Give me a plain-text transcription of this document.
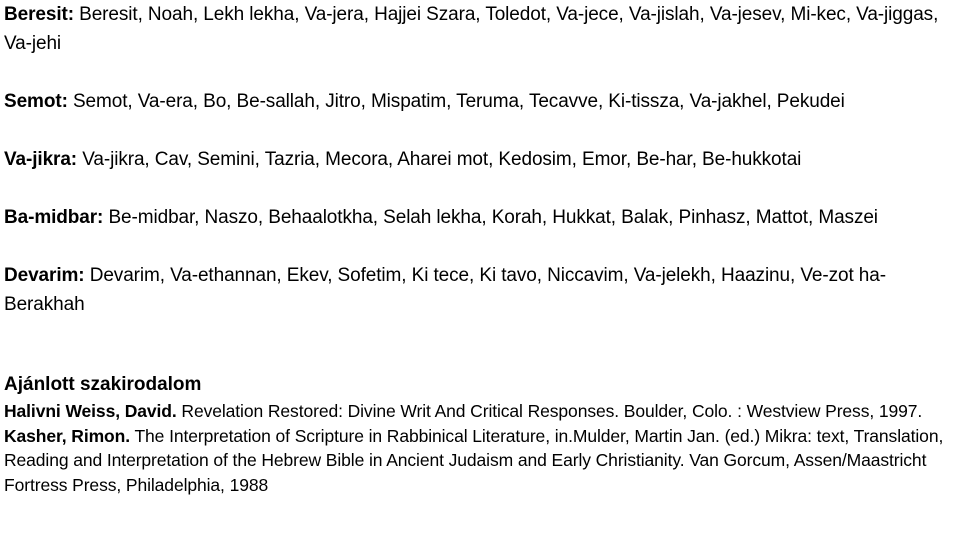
Beresit: Beresit, Noah, Lekh lekha, Va-jera, Hajjei Szara, Toledot, Va-jece, Va-jislah, Va-jesev, Mi-kec, Va-jiggas, Va-jehi

Semot: Semot, Va-era, Bo, Be-sallah, Jitro, Mispatim, Teruma, Tecavve, Ki-tissza, Va-jakhel, Pekudei

Va-jikra: Va-jikra, Cav, Semini, Tazria, Mecora, Aharei mot, Kedosim, Emor, Be-har, Be-hukkotai

Ba-midbar: Be-midbar, Naszo, Behaalotkha, Selah lekha, Korah, Hukkat, Balak, Pinhasz, Mattot, Maszei

Devarim: Devarim, Va-ethannan, Ekev, Sofetim, Ki tece, Ki tavo, Niccavim, Va-jelekh, Haazinu, Ve-zot ha-Berakhah

Ajánlott szakirodalom

Halivni Weiss, David. Revelation Restored: Divine Writ And Critical Responses. Boulder, Colo. : Westview Press, 1997.

Kasher, Rimon. The Interpretation of Scripture in Rabbinical Literature, in.Mulder, Martin Jan. (ed.) Mikra: text, Translation, Reading and Interpretation of the Hebrew Bible in Ancient Judaism and Early Christianity. Van Gorcum, Assen/Maastricht Fortress Press, Philadelphia, 1988
